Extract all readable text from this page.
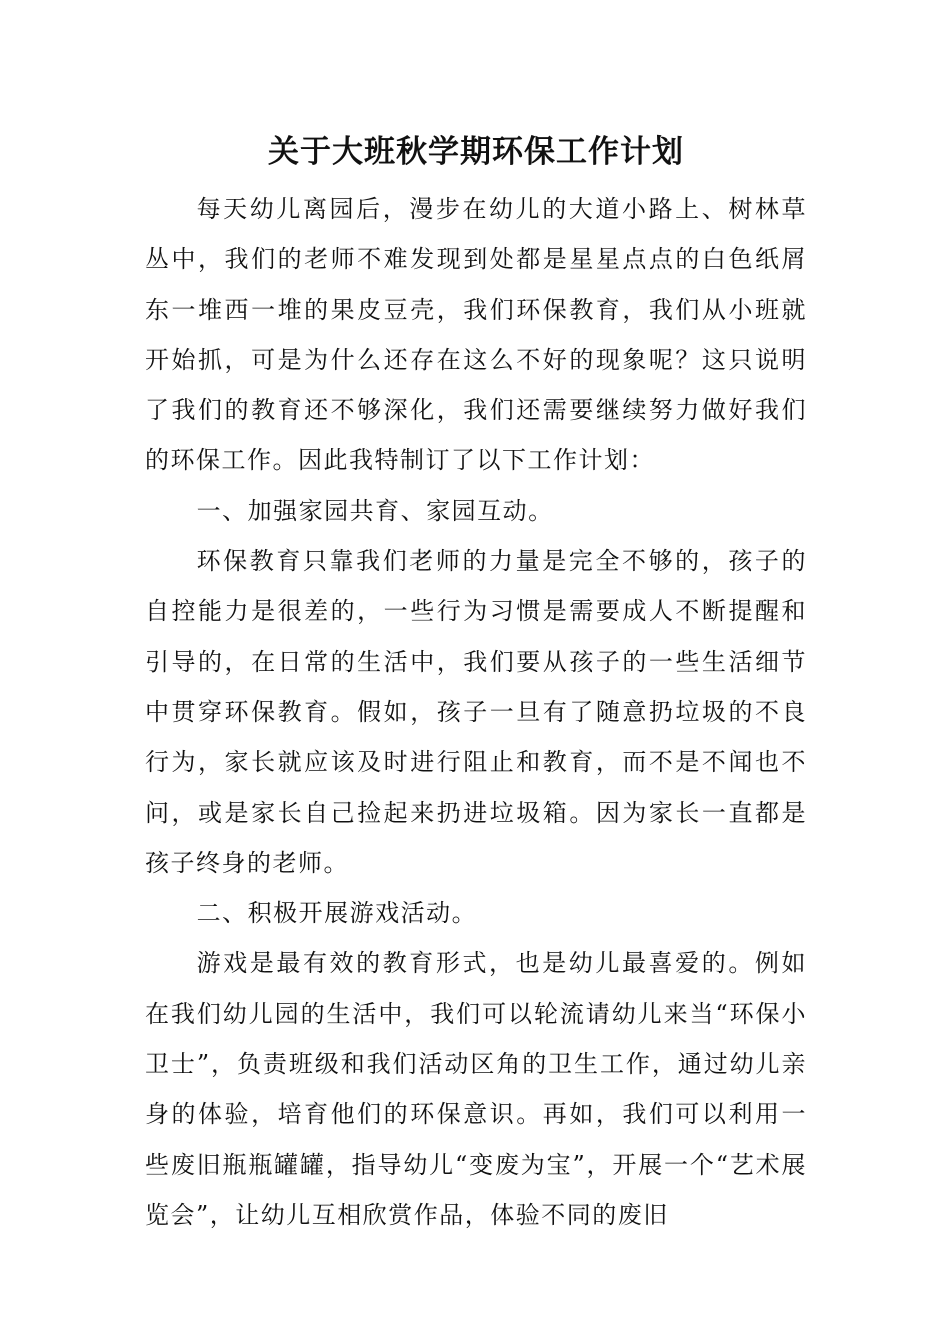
关于大班秋学期环保工作计划

每天幼儿离园后，漫步在幼儿的大道小路上、树林草丛中，我们的老师不难发现到处都是星星点点的白色纸屑东一堆西一堆的果皮豆壳，我们环保教育，我们从小班就开始抓，可是为什么还存在这么不好的现象呢？这只说明了我们的教育还不够深化，我们还需要继续努力做好我们的环保工作。因此我特制订了以下工作计划：

一、加强家园共育、家园互动。

环保教育只靠我们老师的力量是完全不够的，孩子的自控能力是很差的，一些行为习惯是需要成人不断提醒和引导的，在日常的生活中，我们要从孩子的一些生活细节中贯穿环保教育。假如，孩子一旦有了随意扔垃圾的不良行为，家长就应该及时进行阻止和教育，而不是不闻也不问，或是家长自己捡起来扔进垃圾箱。因为家长一直都是孩子终身的老师。

二、积极开展游戏活动。

游戏是最有效的教育形式，也是幼儿最喜爱的。例如在我们幼儿园的生活中，我们可以轮流请幼儿来当“环保小卫士”，负责班级和我们活动区角的卫生工作，通过幼儿亲身的体验，培育他们的环保意识。再如，我们可以利用一些废旧瓶瓶罐罐，指导幼儿“变废为宝”，开展一个“艺术展览会”，让幼儿互相欣赏作品，体验不同的废旧
